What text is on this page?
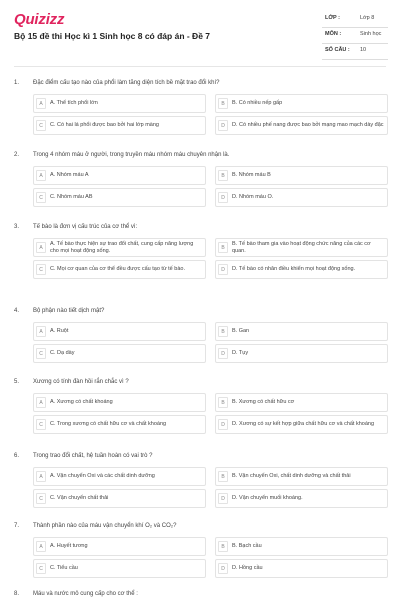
Quizizz
Bộ 15 đề thi Học kì 1 Sinh học 8 có đáp án - Đề 7
LỚP :	Lớp 8
MÔN :	Sinh học
SỐ CÂU : 10
1. Đặc điểm cấu tạo nào của phổi làm tăng diện tích bề mặt trao đổi khí?
A	A. Thể tích phổi lớn	B	B. Có nhiều nếp gấp
C	C. Có hai lá phổi được bao bởi hai lớp màng	D	D. Có nhiều phế nang được bao bởi mạng mao mạch dày đặc
2. Trong 4 nhóm máu ở người, trong truyền máu nhóm máu chuyên nhận là.
A	A. Nhóm máu A	B	B. Nhóm máu B
C	C. Nhóm máu AB	D	D. Nhóm máu O.
3. Tế bào là đơn vị cấu trúc của cơ thể vì:
A
A. Tế bào thực hiện sự trao đổi chất, cung cấp năng lượng cho mọi hoạt động sống.	B
B. Tế bào tham gia vào hoạt động chức năng của các cơ quan.
C	C. Mọi cơ quan của cơ thể đều được cấu tạo từ tế bào.	D	D. Tế bào có nhân điều khiển mọi hoạt động sống.
4. Bộ phận nào tiết dịch mật?
A	A. Ruột	B	B. Gan
C	C. Dạ dày	D	D. Tụy
5. Xương có tính đàn hồi rắn chắc vì ?
A	A. Xương có chất khoáng	B	B. Xương có chất hữu cơ
C	C. Trong xương có chất hữu cơ và chất khoáng	D	D. Xương có sự kết hợp giữa chất hữu cơ và chất khoáng
6. Trong trao đổi chất, hệ tuần hoàn có vai trò ?
A	A. Vận chuyển Oxi và các chất dinh dưỡng	B	B. Vận chuyển Oxi, chất dinh dưỡng và chất thải
C	C. Vận chuyển chất thải	D	D. Vận chuyển muối khoáng.
7. Thành phần nào của máu vận chuyển khí O₂ và CO₂?
A	A. Huyết tương	B	B. Bạch cầu
C	C. Tiểu cầu	D	D. Hồng cầu
8. Máu và nước mô cung cấp cho cơ thể :
